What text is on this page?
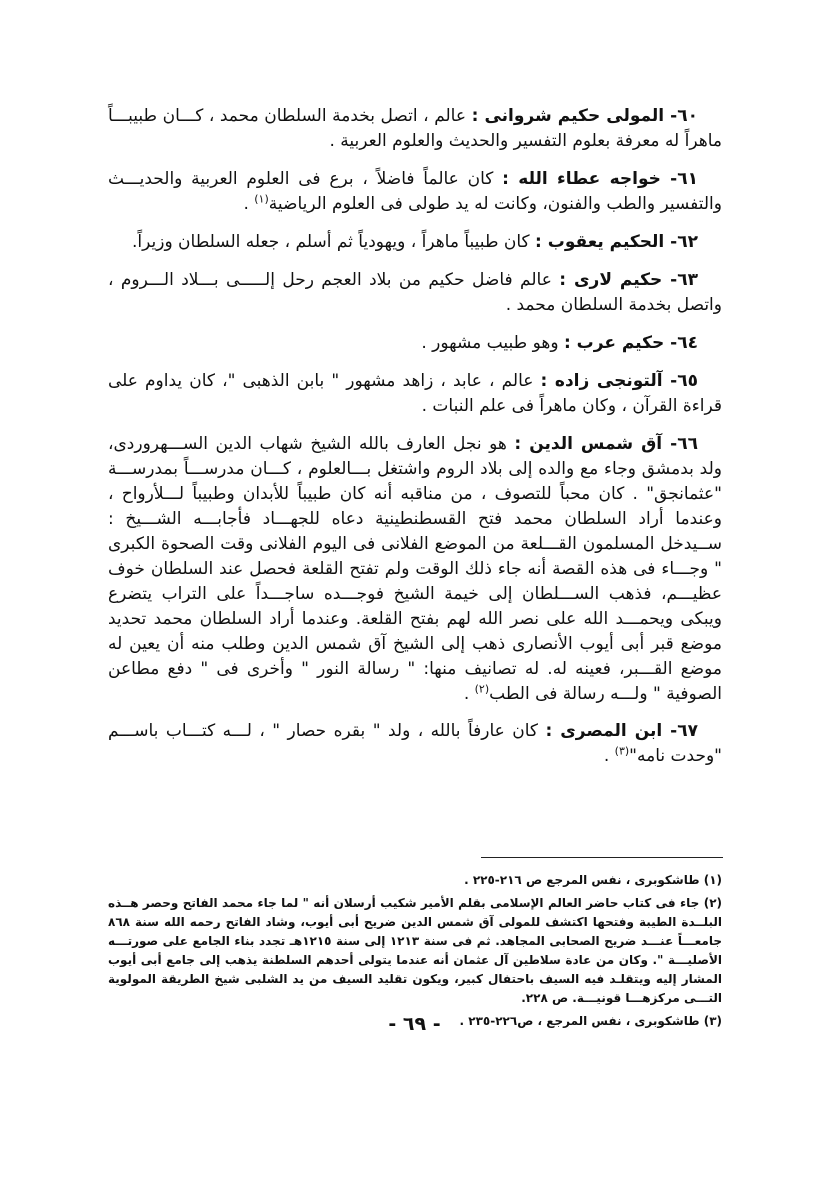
٦٠- المولى حكيم شروانى : عالم ، اتصل بخدمة السلطان محمد ، كـــان طبيبـــاً ماهراً له معرفة بعلوم التفسير والحديث والعلوم العربية .

٦١- خواجه عطاء الله : كان عالماً فاضلاً ، برع فى العلوم العربية والحديـــث والتفسير والطب والفنون، وكانت له يد طولى فى العلوم الرياضية$^{(١)}$ .

٦٢- الحكيم يعقوب : كان طبيباً ماهراً ، ويهودياً ثم أسلم ، جعله السلطان وزيراً.

٦٣- حكيم لارى : عالم فاضل حكيم من بلاد العجم رحل إلـــــى بـــلاد الـــروم ، واتصل بخدمة السلطان محمد .

٦٤- حكيم عرب : وهو طبيب مشهور .

٦٥- آلتونجى زاده : عالم ، عابد ، زاهد مشهور " بابن الذهبى "، كان يداوم على قراءة القرآن ، وكان ماهراً فى علم النبات .

٦٦- آق شمس الدين : هو نجل العارف بالله الشيخ شهاب الدين الســـهروردى، ولد بدمشق وجاء مع والده إلى بلاد الروم واشتغل بـــالعلوم ، كـــان مدرســـاً بمدرســـة "عثمانجق" . كان محباً للتصوف ، من مناقبه أنه كان طبيباً للأبدان وطبيباً لـــلأرواح ، وعندما أراد السلطان محمد فتح القسطنطينية دعاه للجهـــاد فأجابـــه الشـــيخ : ســيدخل المسلمون القـــلعة من الموضع الفلانى فى اليوم الفلانى وقت الصحوة الكبرى " وجـــاء فى هذه القصة أنه جاء ذلك الوقت ولم تفتح القلعة فحصل عند السلطان خوف عظيـــم، فذهب الســـلطان إلى خيمة الشيخ فوجـــده ساجـــداً على التراب يتضرع ويبكى ويحمـــد الله على نصر الله لهم بفتح القلعة. وعندما أراد السلطان محمد تحديد موضع قبر أبى أيوب الأنصارى ذهب إلى الشيخ آق شمس الدين وطلب منه أن يعين له موضع القـــبر، فعينه له. له تصانيف منها: " رسالة النور " وأخرى فى " دفع مطاعن الصوفية " ولـــه رسالة فى الطب$^{(٢)}$ .

٦٧- ابن المصرى : كان عارفاً بالله ، ولد " بقره حصار " ، لـــه كتـــاب باســـم "وحدت نامه"$^{(٣)}$ .

(١) طاشكوبرى ، نفس المرجع ص ٢١٦-٢٢٥ .

(٢) جاء فى كتاب حاضر العالم الإسلامى بقلم الأمير شكيب أرسلان أنه " لما جاء محمد الفاتح وحصر هــذه البلــدة الطيبة وفتحها اكتشف للمولى آق شمس الدين ضريح أبى أيوب، وشاد الفاتح رحمه الله سنة ٨٦٨ جامعـــاً عنـــد ضريح الصحابى المجاهد. ثم فى سنة ١٢١٣ إلى سنة ١٢١٥هـ تجدد بناء الجامع على صورتـــه الأصليـــة ". وكان من عادة سلاطين آل عثمان أنه عندما يتولى أحدهم السلطنة يذهب إلى جامع أبى أيوب المشار إليه ويتقلـد فيه السيف باحتفال كبير، ويكون تقليد السيف من يد الشلبى شيخ الطريقة المولوية التـــى مركزهـــا قونيـــة. ص ٢٢٨.

(٣) طاشكوبرى ، نفس المرجع ، ص٢٢٦-٢٣٥ .

- ٦٩ -
